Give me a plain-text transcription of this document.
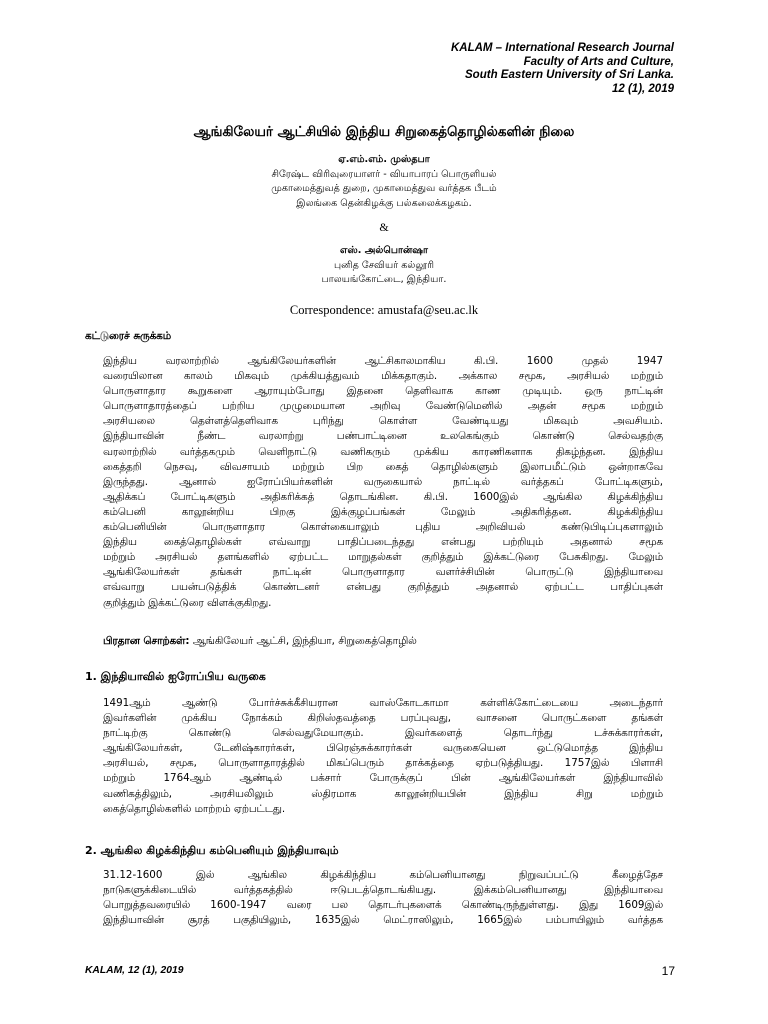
KALAM – International Research Journal
Faculty of Arts and Culture,
South Eastern University of Sri Lanka.
12 (1), 2019
ஆங்கிலேயர் ஆட்சியில் இந்திய சிறுகைத்தொழில்களின் நிலை
ஏ.எம்.எம். முஸ்தபா
சிரேஷ்ட விரிவுரையாளர் - வியாபாரப் பொருளியல்
முகாமைத்துவத் துறை, முகாமைத்துவ வர்த்தக பீடம்
இலங்கை தென்கிழக்கு பல்கலைக்கழகம்.
&
எஸ். அல்பொன்ஷா
புனித சேவியர் கல்லூரி
பாலயங்கோட்டை, இந்தியா.
Correspondence: amustafa@seu.ac.lk
கட்டுரைச் சுருக்கம்
இந்திய வரலாற்றில் ஆங்கிலேயர்களின் ஆட்சிகாலமாகிய கி.பி. 1600 முதல் 1947
வரையிலான காலம் மிகவும் முக்கியத்துவம் மிக்கதாகும். அக்கால சமூக, அரசியல் மற்றும்
பொருளாதார கூறுகளை ஆராயும்போது இதனை தெளிவாக காண முடியும். ஒரு நாட்டின்
பொருளாதாரத்தைப் பற்றிய முழுமையான அறிவு வேண்டுமெனில் அதன் சமூக மற்றும்
அரசியலை தெள்ளத்தெளிவாக புரிந்து கொள்ள வேண்டியது மிகவும் அவசியம்.
இந்தியாவின் நீண்ட வரலாற்று பண்பாட்டினை உலகெங்கும் கொண்டு செல்வதற்கு
வரலாற்றில் வர்த்தகமும் வெளிநாட்டு வணிகரும் முக்கிய காரணிகளாக திகழ்ந்தன. இந்திய
கைத்தறி நெசவு, விவசாயம் மற்றும் பிற கைத் தொழில்களும் இலாபமீட்டும் ஒன்றாகவே
இருந்தது. ஆனால் ஐரோப்பியர்களின் வருகையால் நாட்டில் வர்த்தகப் போட்டிகளும்,
ஆதிக்கப் போட்டிகளும் அதிகரிக்கத் தொடங்கின. கி.பி. 1600இல் ஆங்கில கிழக்கிந்திய
கம்பெனி காலூன்றிய பிறகு இக்குழப்பங்கள் மேலும் அதிகரித்தன. கிழக்கிந்திய
கம்பெனியின் பொருளாதார கொள்கையாலும் புதிய அறிவியல் கண்டுபிடிப்புகளாலும்
இந்திய கைத்தொழில்கள் எவ்வாறு பாதிப்படைந்தது என்பது பற்றியும் அதனால் சமூக
மற்றும் அரசியல் தளங்களில் ஏற்பட்ட மாறுதல்கள் குறித்தும் இக்கட்டுரை பேசுகிறது. மேலும்
ஆங்கிலேயர்கள் தங்கள் நாட்டின் பொருளாதார வளர்ச்சியின் பொருட்டு இந்தியாவை
எவ்வாறு பயன்படுத்திக் கொண்டனர் என்பது குறித்தும் அதனால் ஏற்பட்ட பாதிப்புகள்
குறித்தும் இக்கட்டுரை விளக்குகிறது.
பிரதான சொற்கள்: ஆங்கிலேயர் ஆட்சி, இந்தியா, சிறுகைத்தொழில்
1. இந்தியாவில் ஐரோப்பிய வருகை
1491ஆம் ஆண்டு போர்ச்சுக்கீசியரான வாஸ்கோடகாமா கள்ளிக்கோட்டையை அடைந்தார்
இவர்களின் முக்கிய நோக்கம் கிறிஸ்தவத்தை பரப்புவது, வாசனை பொருட்களை தங்கள்
நாட்டிற்கு கொண்டு செல்வதுமேயாகும். இவர்களைத் தொடர்ந்து டச்சுக்காரர்கள்,
ஆங்கிலேயர்கள், டேனிஷ்காரர்கள், பிரெஞ்சுக்காரர்கள் வருகையென ஒட்டுமொத்த இந்திய
அரசியல், சமூக, பொருளாதாரத்தில் மிகப்பெரும் தாக்கத்தை ஏற்படுத்தியது. 1757இல் பிளாசி
மற்றும் 1764ஆம் ஆண்டில் பக்சார் போருக்குப் பின் ஆங்கிலேயர்கள் இந்தியாவில்
வணிகத்திலும், அரசியலிலும் ஸ்திரமாக காலூன்றியபின் இந்திய சிறு மற்றும்
கைத்தொழில்களில் மாற்றம் ஏற்பட்டது.
2. ஆங்கில கிழக்கிந்திய கம்பெனியும் இந்தியாவும்
31.12-1600 இல் ஆங்கில கிழக்கிந்திய கம்பெனியானது நிறுவப்பட்டு கீழைத்தேச
நாடுகளுக்கிடையில் வர்த்தகத்தில் ஈடுபடத்தொடங்கியது. இக்கம்பெனியானது இந்தியாவை
பொறுத்தவரையில் 1600-1947 வரை பல தொடர்புகளைக் கொண்டிருந்துள்ளது. இது 1609இல்
இந்தியாவின் சூரத் பகுதியிலும், 1635இல் மெட்ராஸிலும், 1665இல் பம்பாயிலும் வர்த்தக
KALAM, 12 (1), 2019	17
